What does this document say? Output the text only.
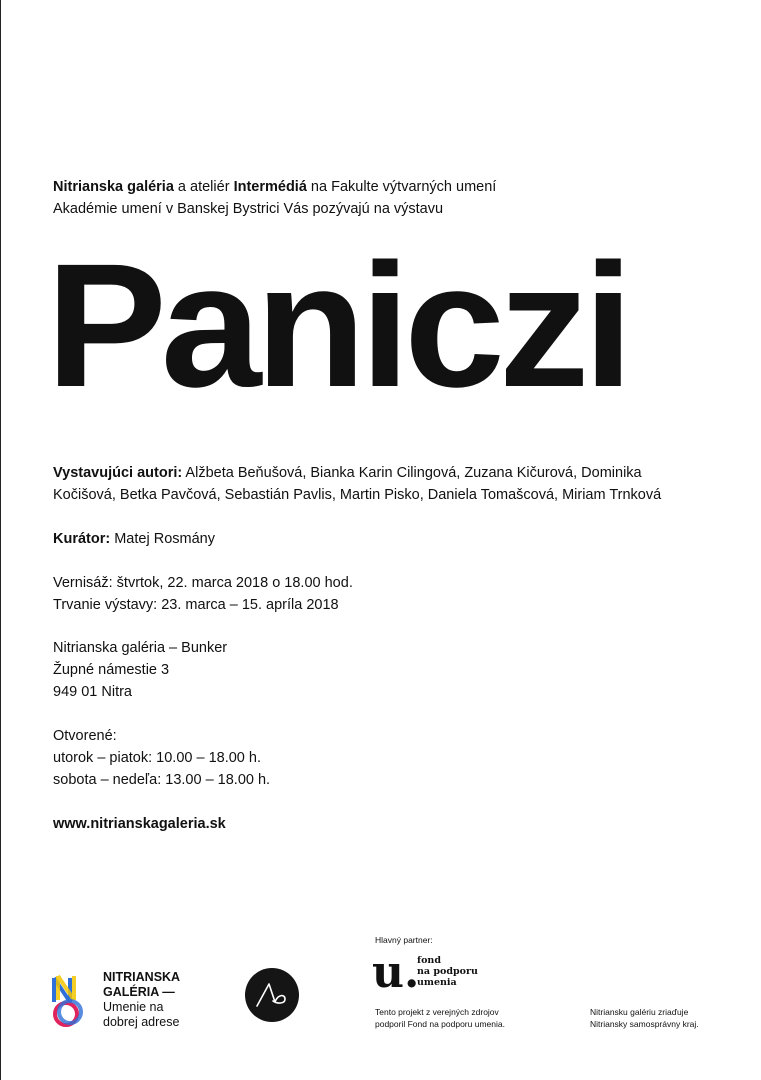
Nitrianska galéria a ateliér Intermédiá na Fakulte výtvarných umení
Akadémie umení v Banskej Bystrici Vás pozývajú na výstavu
Paniczi
Vystavujúci autori: Alžbeta Beňušová, Bianka Karin Cilingová, Zuzana Kičurová, Dominika
Kočišová, Betka Pavčová, Sebastián Pavlis, Martin Pisko, Daniela Tomašcová, Miriam Trnková
Kurátor: Matej Rosmány
Vernisáž: štvrtok, 22. marca 2018 o 18.00 hod.
Trvanie výstavy: 23. marca – 15. apríla 2018
Nitrianska galéria – Bunker
Župné námestie 3
949 01 Nitra
Otvorené:
utorok – piatok: 10.00 – 18.00 h.
sobota – nedeľa: 13.00 – 18.00 h.
www.nitrianskagaleria.sk
NITRIANSKA
GALÉRIA —
Umenie na
dobrej adrese
Hlavný partner:
u.
fond
na podporu
umenia
Tento projekt z verejných zdrojov
podporil Fond na podporu umenia.
Nitriansku galériu zriaďuje
Nitriansky samosprávny kraj.
